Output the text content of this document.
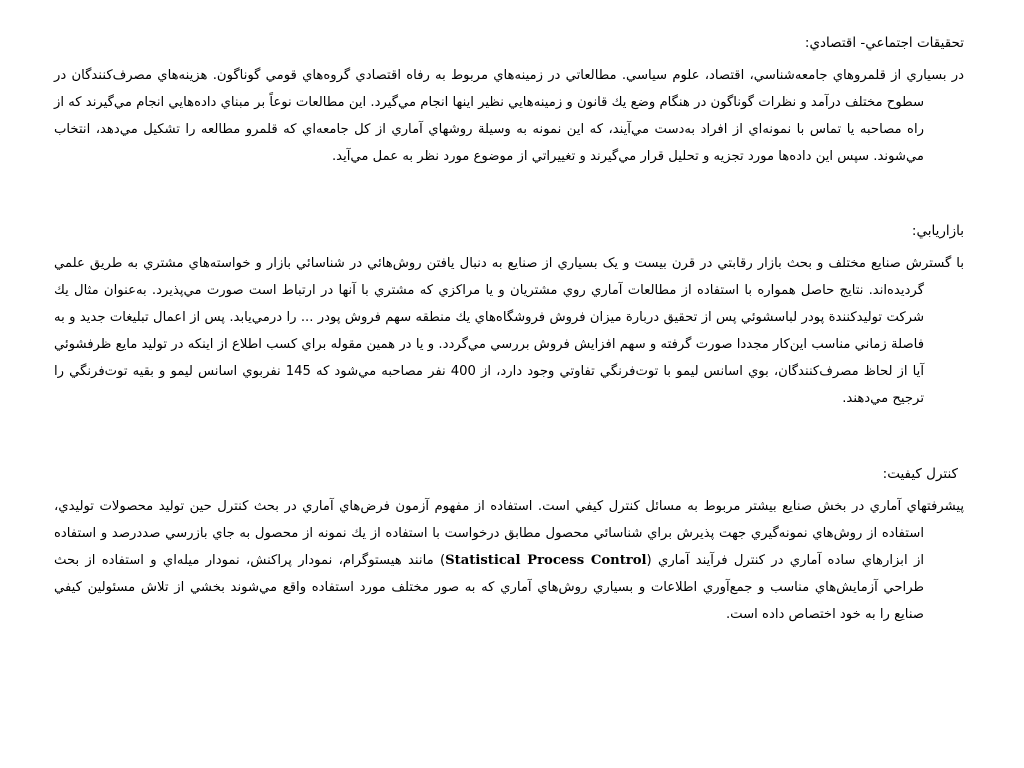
تحقيقات اجتماعي- اقتصادي:

در بسياري از قلمروهاي جامعه‌شناسي، اقتصاد، علوم سياسي. مطالعاتي در زمينه‌هاي مربوط به رفاه اقتصادي گروه‌هاي قومي گوناگون. هزينه‌هاي مصرف‌كنندگان در سطوح مختلف درآمد و نظرات گوناگون در هنگام وضع يك قانون و زمينه‌هايي نظير اينها انجام مي‌گيرد. اين مطالعات نوعاً بر مبناي داده‌هايي انجام مي‌گيرند كه از راه مصاحبه يا تماس با نمونه‌اي از افراد به‌دست مي‌آيند، كه اين نمونه به وسيلة روشهاي آماري از كل جامعه‌اي كه قلمرو مطالعه را تشكيل مي‌دهد، انتخاب مي‌شوند. سپس اين داده‌ها مورد تجزيه و تحليل قرار مي‌گيرند و تغييراتي از موضوع مورد نظر به عمل مي‌آيد.

بازاريابي:

با گسترش صنايع مختلف و بحث بازار رقابتي در قرن بيست و يک بسياري از صنايع به دنبال يافتن روش‌هائي در شناسائي بازار و خواسته‌هاي مشتري به طريق علمي گرديده‌اند. نتايج حاصل همواره با استفاده از مطالعات آماري روي مشتريان و يا مراكزي كه مشتري با آنها در ارتباط است صورت مي‌پذيرد. به‌عنوان مثال يك شركت توليدكنندة پودر لباسشوئي پس از تحقيق دربارة ميزان فروش فروشگاه‌هاي يك منطقه سهم فروش پودر ... را درمي‌يابد. پس از اعمال تبليغات جديد و به فاصلة زماني مناسب اين‌كار مجددا صورت گرفته و سهم افزايش فروش بررسي مي‌گردد. و يا در همين مقوله براي كسب اطلاع از اينكه در توليد مايع ظرفشوئي آيا از لحاظ مصرف‌كنندگان، بوي اسانس ليمو با توت‌فرنگي تفاوتي وجود دارد، از 400 نفر مصاحبه مي‌شود كه 145 نفربوي اسانس ليمو و بقيه توت‌فرنگي را ترجيح مي‌دهند.

كنترل كيفيت:

پيشرفتهاي آماري در بخش صنايع بيشتر مربوط به مسائل كنترل كيفي است. استفاده از مفهوم آزمون فرض‌هاي آماري در بحث كنترل حين توليد محصولات توليدي، استفاده از روش‌هاي نمونه‌گيري جهت پذيرش براي شناسائي محصول مطابق درخواست با استفاده از يك نمونه از محصول به جاي بازرسي صددرصد و استفاده از ابزارهاي ساده آماري در كنترل فرآيند آماري (Statistical Process Control) مانند هيستوگرام، نمودار پراكنش، نمودار ميله‌اي و استفاده از بحث طراحي آزمايش‌هاي مناسب و جمع‌آوري اطلاعات و بسياري روش‌هاي آماري كه به صور مختلف مورد استفاده واقع مي‌شوند بخشي از تلاش مسئولين كيفي صنايع را به خود اختصاص داده است.
